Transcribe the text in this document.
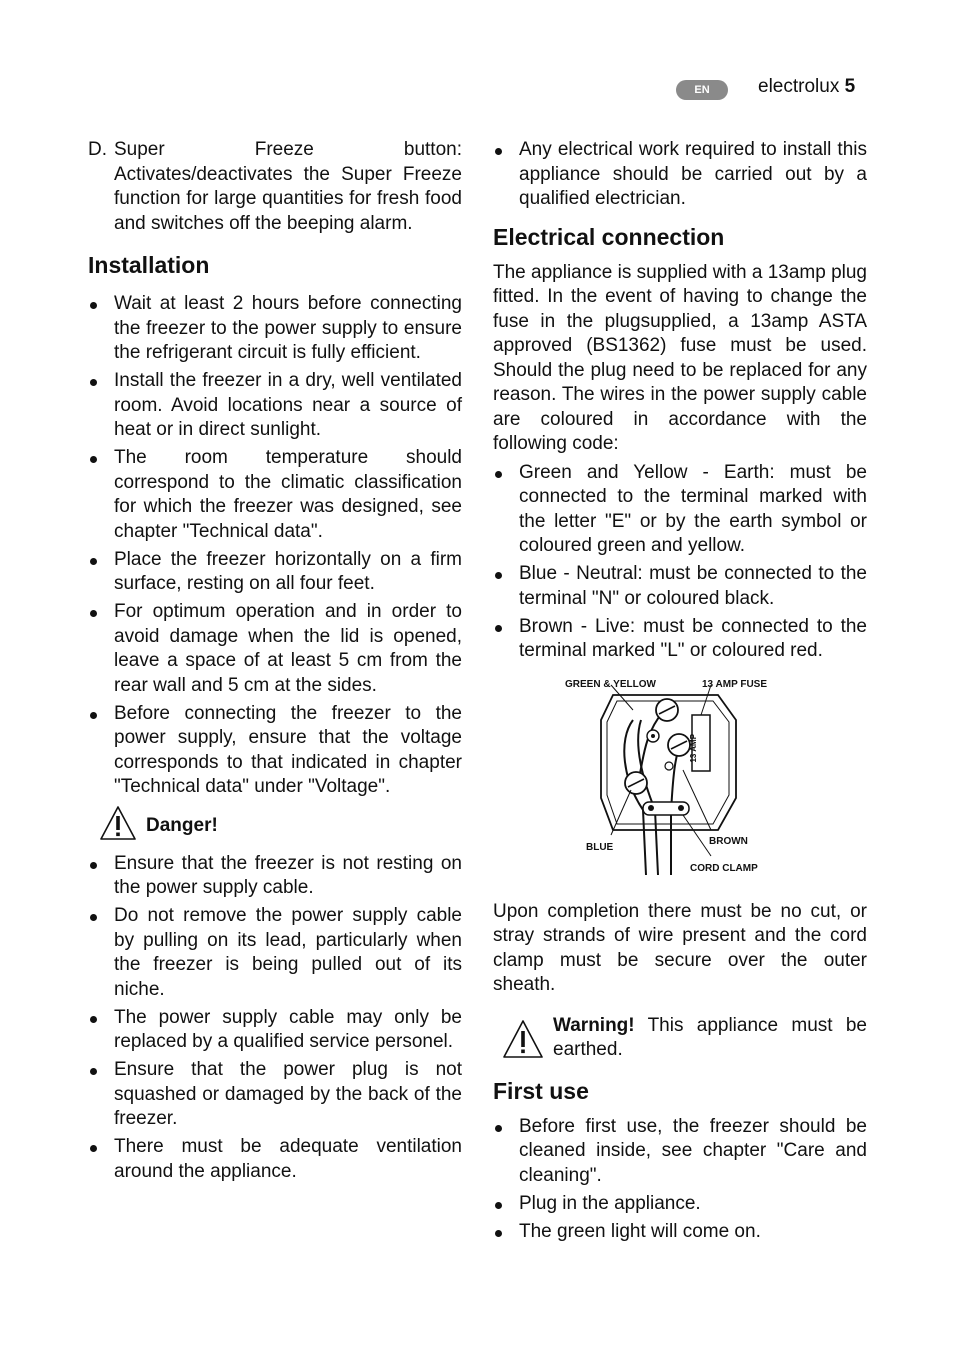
EN	electrolux 5
D. Super Freeze button: Activates/deactivates the Super Freeze function for large quantities for fresh food and switches off the beeping alarm.
Installation
Wait at least 2 hours before connecting the freezer to the power supply to ensure the refrigerant circuit is fully efficient.
Install the freezer in a dry, well ventilated room. Avoid locations near a source of heat or in direct sunlight.
The room temperature should correspond to the climatic classification for which the freezer was designed, see chapter "Technical data".
Place the freezer horizontally on a firm surface, resting on all four feet.
For optimum operation and in order to avoid damage when the lid is opened, leave a space of at least 5 cm from the rear wall and 5 cm at the sides.
Before connecting the freezer to the power supply, ensure that the voltage corresponds to that indicated in chapter "Technical data" under "Voltage".
Danger!
Ensure that the freezer is not resting on the power supply cable.
Do not remove the power supply cable by pulling on its lead, particularly when the freezer is being pulled out of its niche.
The power supply cable may only be replaced by a qualified service personel.
Ensure that the power plug is not squashed or damaged by the back of the freezer.
There must be adequate ventilation around the appliance.
Any electrical work required to install this appliance should be carried out by a qualified electrician.
Electrical connection

The appliance is supplied with a 13amp plug fitted. In the event of having to change the fuse in the plugsupplied, a 13amp ASTA approved (BS1362) fuse must be used. Should the plug need to be replaced for any reason. The wires in the power supply cable are coloured in accordance with the following code:

Green and Yellow - Earth: must be connected to the terminal marked with the letter "E" or by the earth symbol or coloured green and yellow.
Blue - Neutral: must be connected to the terminal "N" or coloured black.
Brown - Live: must be connected to the terminal marked "L" or coloured red.
GREEN & YELLOW	13 AMP FUSE
13 AMP
BLUE
BROWN
CORD CLAMP

Upon completion there must be no cut, or stray strands of wire present and the cord clamp must be secure over the outer sheath.

Warning! This appliance must be earthed.
First use
Before first use, the freezer should be cleaned inside, see chapter "Care and cleaning".
Plug in the appliance.
The green light will come on.
